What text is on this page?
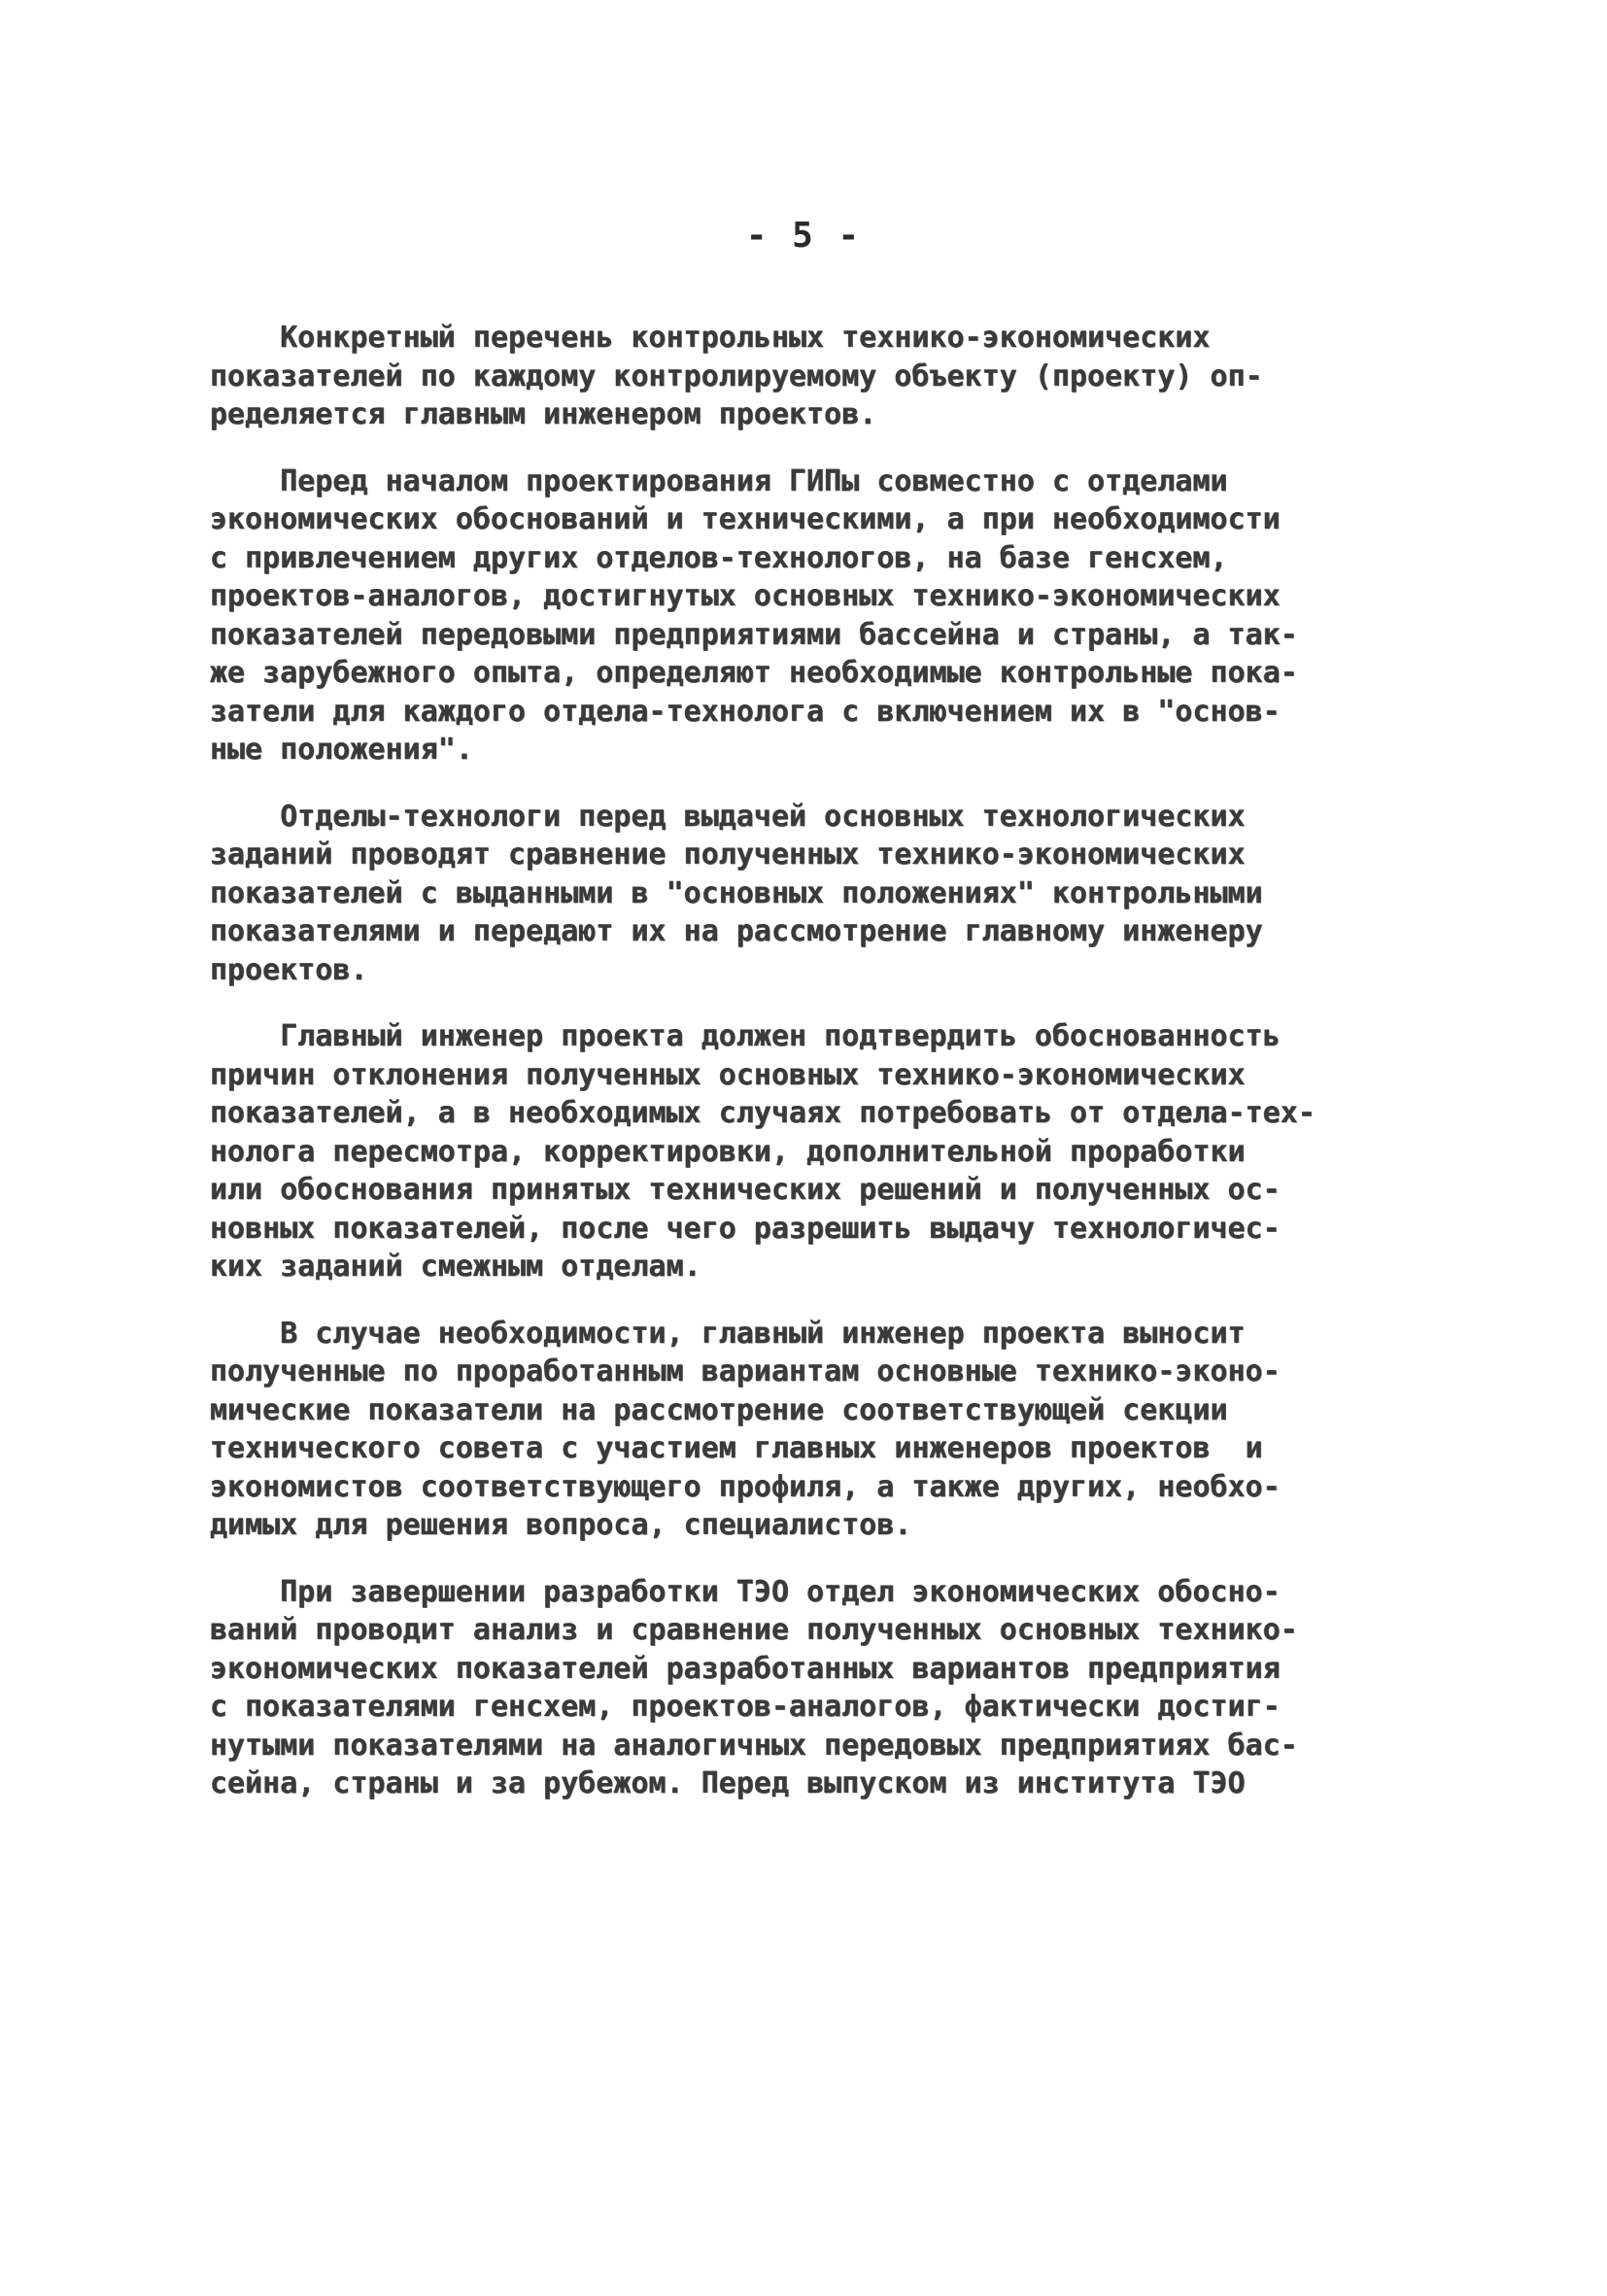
- 5 -
Конкретный перечень контрольных технико-экономических
показателей по каждому контролируемому объекту (проекту) оп-
ределяется главным инженером проектов.
Перед началом проектирования ГИПы совместно с отделами
экономических обоснований и техническими, а при необходимости
с привлечением других отделов-технологов, на базе генсхем,
проектов-аналогов, достигнутых основных технико-экономических
показателей передовыми предприятиями бассейна и страны, а так-
же зарубежного опыта, определяют необходимые контрольные пока-
затели для каждого отдела-технолога с включением их в "основ-
ные положения".
Отделы-технологи перед выдачей основных технологических
заданий проводят сравнение полученных технико-экономических
показателей с выданными в "основных положениях" контрольными
показателями и передают их на рассмотрение главному инженеру
проектов.
Главный инженер проекта должен подтвердить обоснованность
причин отклонения полученных основных технико-экономических
показателей, а в необходимых случаях потребовать от отдела-тех-
нолога пересмотра, корректировки, дополнительной проработки
или обоснования принятых технических решений и полученных ос-
новных показателей, после чего разрешить выдачу технологичес-
ких заданий смежным отделам.
В случае необходимости, главный инженер проекта выносит
полученные по проработанным вариантам основные технико-эконо-
мические показатели на рассмотрение соответствующей секции
технического совета с участием главных инженеров проектов  и
экономистов соответствующего профиля, а также других, необхо-
димых для решения вопроса, специалистов.
При завершении разработки ТЭО отдел экономических обосно-
ваний проводит анализ и сравнение полученных основных технико-
экономических показателей разработанных вариантов предприятия
с показателями генсхем, проектов-аналогов, фактически достиг-
нутыми показателями на аналогичных передовых предприятиях бас-
сейна, страны и за рубежом. Перед выпуском из института ТЭО
